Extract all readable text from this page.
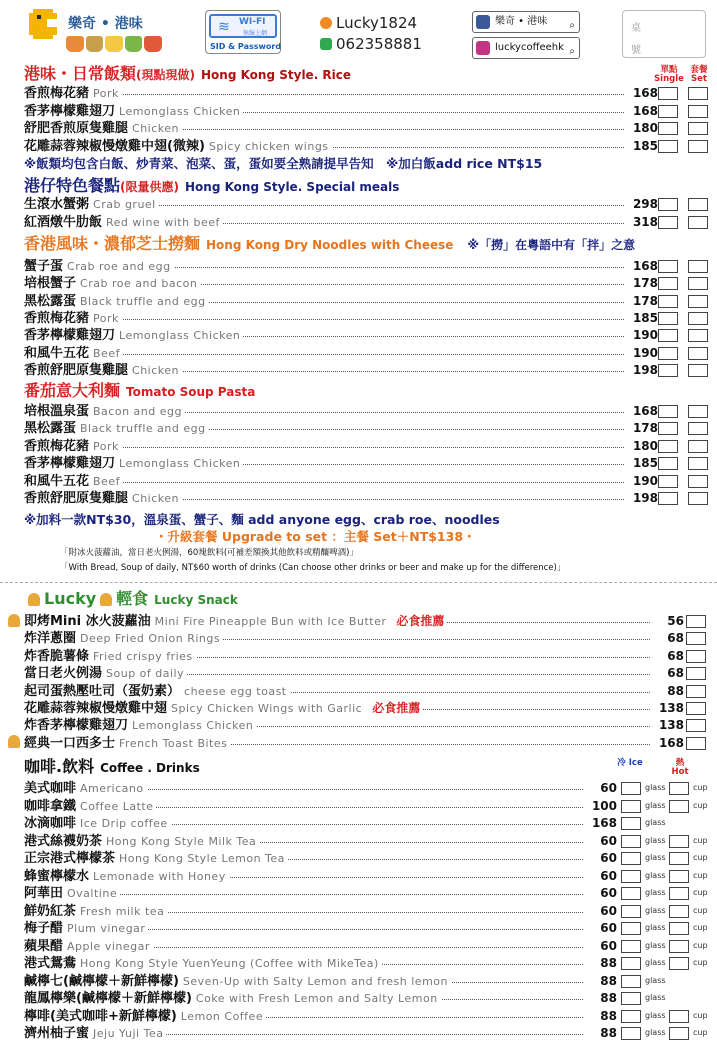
樂奇 • 港味	≋ WI-FI
無線上網
SID & Password
Lucky1824
062358881
樂奇 • 港味 ⌕
luckycoffeehk ⌕
桌
號
港味・日常飯類(現點現做) Hong Kong Style. Rice	單點 Single
套餐 Set
香煎梅花豬 Pork	168
香茅檸檬雞翅刀 Lemonglass Chicken	168
舒肥香煎原隻雞腿 Chicken	180
花雕蒜蓉辣椒慢燉雞中翅(微辣) Spicy chicken wings	185
※飯類均包含白飯、炒青菜、泡菜、蛋，蛋如要全熟請提早告知　※加白飯add rice NT$15
港仔特色餐點(限量供應) Hong Kong Style. Special meals
生滾水蟹粥 Crab gruel	298
紅酒燉牛肋飯 Red wine with beef	318
香港風味・濃郁芝士撈麵 Hong Kong Dry Noodles with Cheese ※「撈」在粵語中有「拌」之意
蟹子蛋 Crab roe and egg	168
培根蟹子 Crab roe and bacon	178
黑松露蛋 Black truffle and egg	178
香煎梅花豬 Pork	185
香茅檸檬雞翅刀 Lemonglass Chicken	190
和風牛五花 Beef	190
香煎舒肥原隻雞腿 Chicken	198
番茄意大利麵 Tomato Soup Pasta
培根溫泉蛋 Bacon and egg	168
黑松露蛋 Black truffle and egg	178
香煎梅花豬 Pork	180
香茅檸檬雞翅刀 Lemonglass Chicken	185
和風牛五花 Beef	190
香煎舒肥原隻雞腿 Chicken	198
※加料一款NT$30，溫泉蛋、蟹子、麵 add anyone egg、crab roe、noodles
・升級套餐 Upgrade to set ：主餐 Set＋NT$138・
「附冰火菠蘿油，當日老火例湯，60塊飲料(可補差額換其他飲料或精釀啤酒)」
「With Bread, Soup of daily, NT$60 worth of drinks (Can choose other drinks or beer and make up for the difference)」
Lucky 輕食 Lucky Snack
即烤Mini 冰火菠蘿油 Mini Fire Pineapple Bun with Ice Butter 必食推薦	56
炸洋蔥圈 Deep Fried Onion Rings	68
炸香脆薯條 Fried crispy fries	68
當日老火例湯 Soup of daily	68
起司蛋熱壓吐司（蛋奶素） cheese egg toast	88
花雕蒜蓉辣椒慢燉雞中翅 Spicy Chicken Wings with Garlic 必食推薦	138
炸香茅檸檬雞翅刀 Lemonglass Chicken	138
經典一口西多士 French Toast Bites	168
咖啡.飲料 Coffee . Drinks	冷 Ice	熱 Hot
美式咖啡 Americano	60	glass	cup
咖啡拿鐵 Coffee Latte	100	glass	cup
冰滴咖啡 Ice Drip coffee	168	glass
港式絲襪奶茶 Hong Kong Style Milk Tea	60	glass	cup
正宗港式檸檬茶 Hong Kong Style Lemon Tea	60	glass	cup
蜂蜜檸檬水 Lemonade with Honey	60	glass	cup
阿華田 Ovaltine	60	glass	cup
鮮奶紅茶 Fresh milk tea	60	glass	cup
梅子醋 Plum vinegar	60	glass	cup
蘋果醋 Apple vinegar	60	glass	cup
港式鴛鴦 Hong Kong Style YuenYeung (Coffee with MikeTea)	88	glass	cup
鹹檸七(鹹檸檬＋新鮮檸檬) Seven-Up with Salty Lemon and fresh lemon	88	glass
龍鳳檸樂(鹹檸檬＋新鮮檸檬) Coke with Fresh Lemon and Salty Lemon	88	glass
檸啡(美式咖啡+新鮮檸檬) Lemon Coffee	88	glass	cup
濟州柚子蜜 Jeju Yuji Tea	88	glass	cup
